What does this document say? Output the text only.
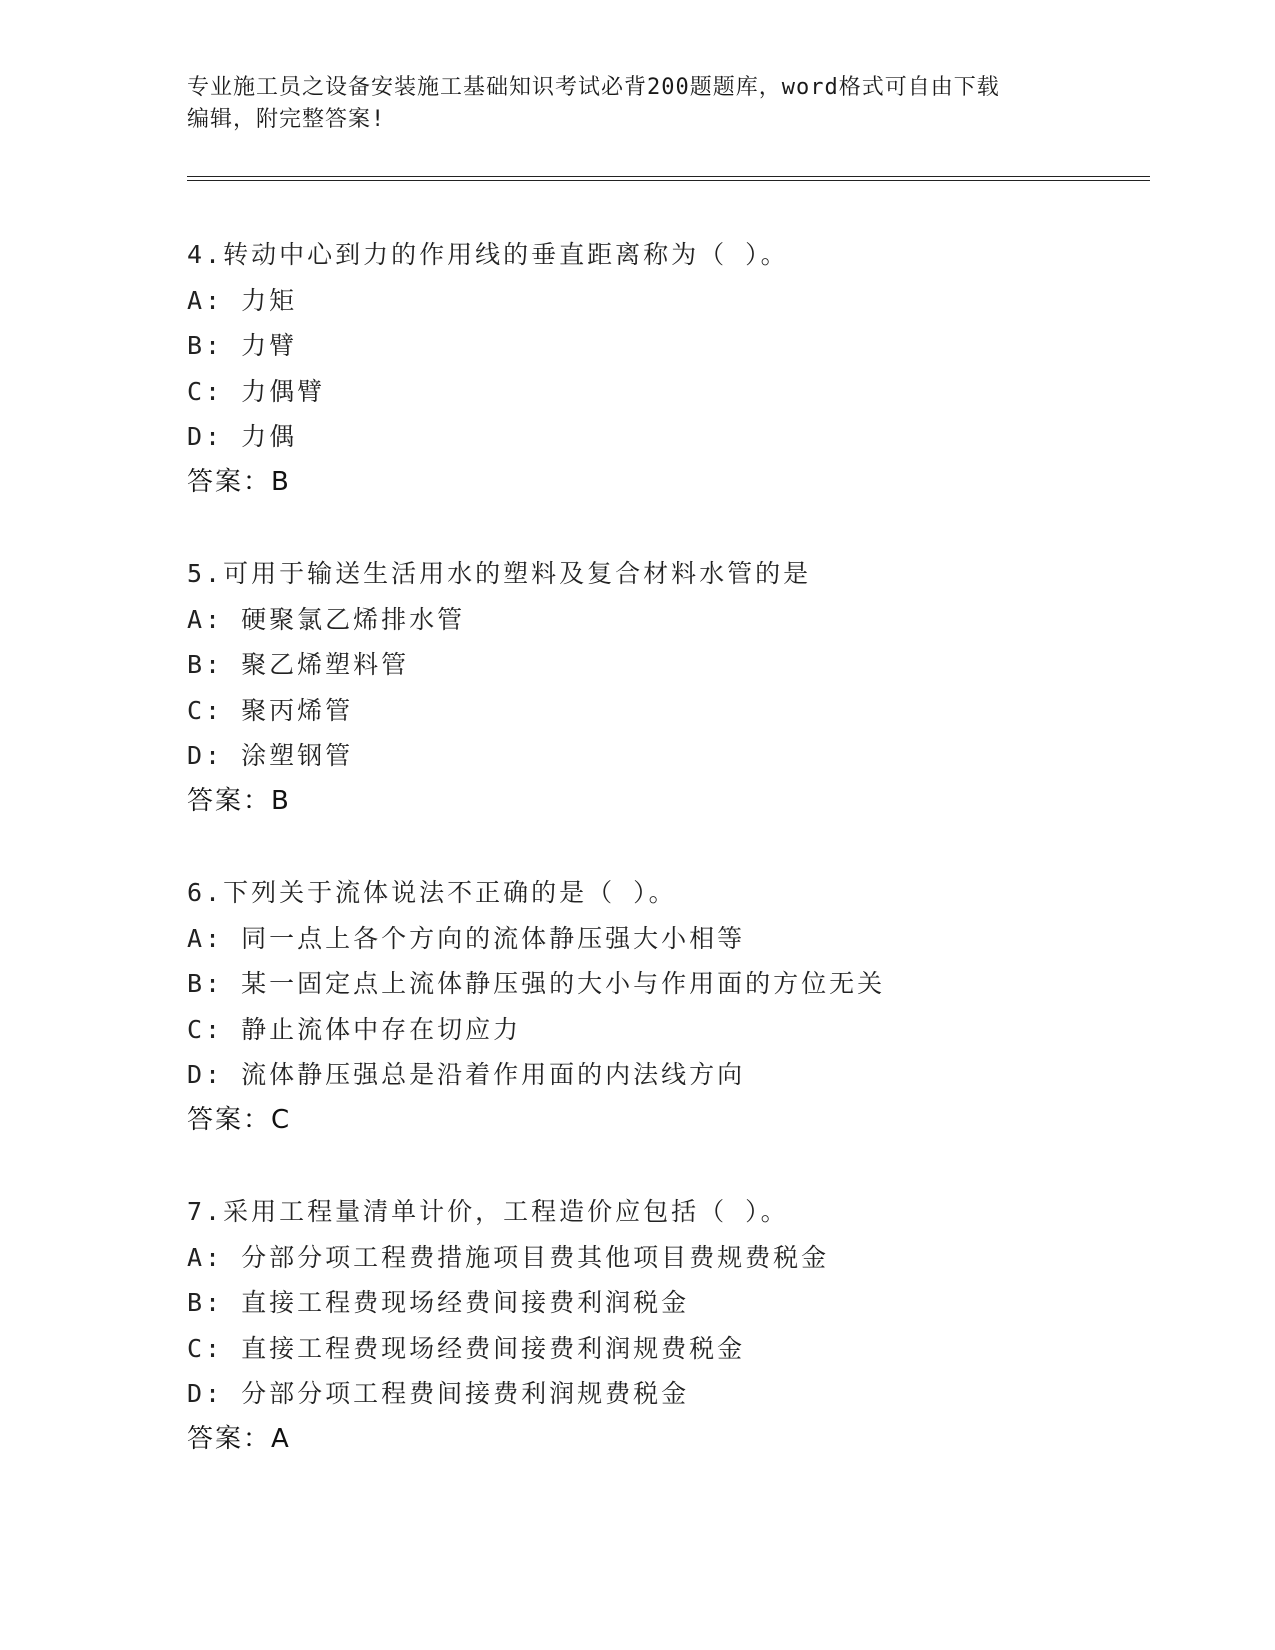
专业施工员之设备安装施工基础知识考试必背200题题库，word格式可自由下载
编辑，附完整答案!
4.转动中心到力的作用线的垂直距离称为（ ）。
A: 力矩
B: 力臂
C: 力偶臂
D: 力偶
答案：B
5.可用于输送生活用水的塑料及复合材料水管的是
A: 硬聚氯乙烯排水管
B: 聚乙烯塑料管
C: 聚丙烯管
D: 涂塑钢管
答案：B
6.下列关于流体说法不正确的是（ ）。
A: 同一点上各个方向的流体静压强大小相等
B: 某一固定点上流体静压强的大小与作用面的方位无关
C: 静止流体中存在切应力
D: 流体静压强总是沿着作用面的内法线方向
答案：C
7.采用工程量清单计价，工程造价应包括（ ）。
A: 分部分项工程费措施项目费其他项目费规费税金
B: 直接工程费现场经费间接费利润税金
C: 直接工程费现场经费间接费利润规费税金
D: 分部分项工程费间接费利润规费税金
答案：A
